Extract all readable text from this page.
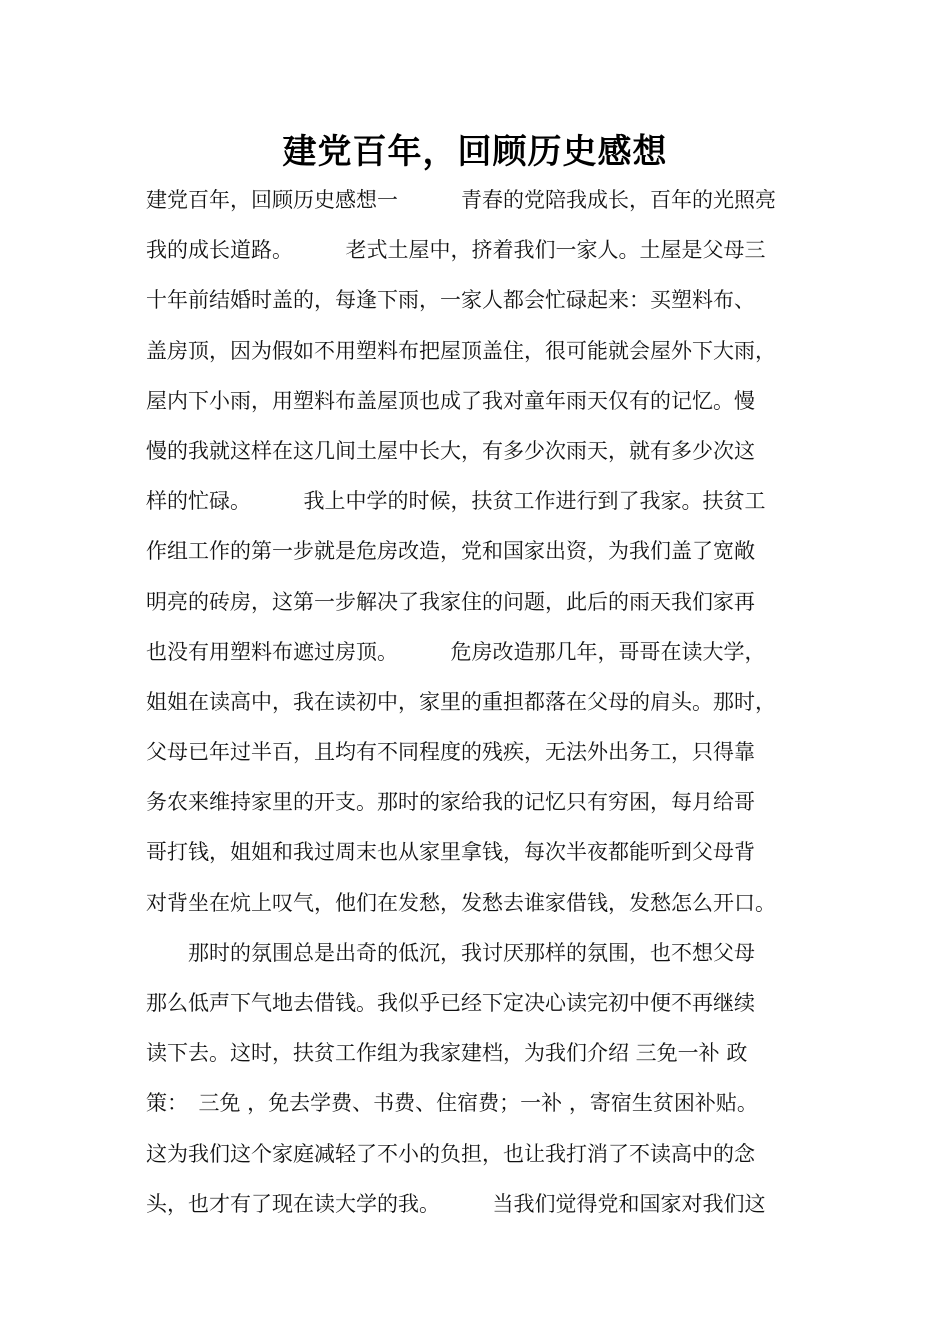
建党百年，回顾历史感想
建党百年，回顾历史感想一　　　青春的党陪我成长，百年的光照亮
我的成长道路。　　　老式土屋中，挤着我们一家人。土屋是父母三
十年前结婚时盖的，每逢下雨，一家人都会忙碌起来：买塑料布、
盖房顶，因为假如不用塑料布把屋顶盖住，很可能就会屋外下大雨，
屋内下小雨，用塑料布盖屋顶也成了我对童年雨天仅有的记忆。慢
慢的我就这样在这几间土屋中长大，有多少次雨天，就有多少次这
样的忙碌。　　　我上中学的时候，扶贫工作进行到了我家。扶贫工
作组工作的第一步就是危房改造，党和国家出资，为我们盖了宽敞
明亮的砖房，这第一步解决了我家住的问题，此后的雨天我们家再
也没有用塑料布遮过房顶。　　　危房改造那几年，哥哥在读大学，
姐姐在读高中，我在读初中，家里的重担都落在父母的肩头。那时，
父母已年过半百，且均有不同程度的残疾，无法外出务工，只得靠
务农来维持家里的开支。那时的家给我的记忆只有穷困，每月给哥
哥打钱，姐姐和我过周末也从家里拿钱，每次半夜都能听到父母背
对背坐在炕上叹气，他们在发愁，发愁去谁家借钱，发愁怎么开口。
　　那时的氛围总是出奇的低沉，我讨厌那样的氛围，也不想父母
那么低声下气地去借钱。我似乎已经下定决心读完初中便不再继续
读下去。这时，扶贫工作组为我家建档，为我们介绍 三免一补 政
策：　三免 ，免去学费、书费、住宿费；一补 ，寄宿生贫困补贴。
这为我们这个家庭减轻了不小的负担，也让我打消了不读高中的念
头，也才有了现在读大学的我。　　　当我们觉得党和国家对我们这
